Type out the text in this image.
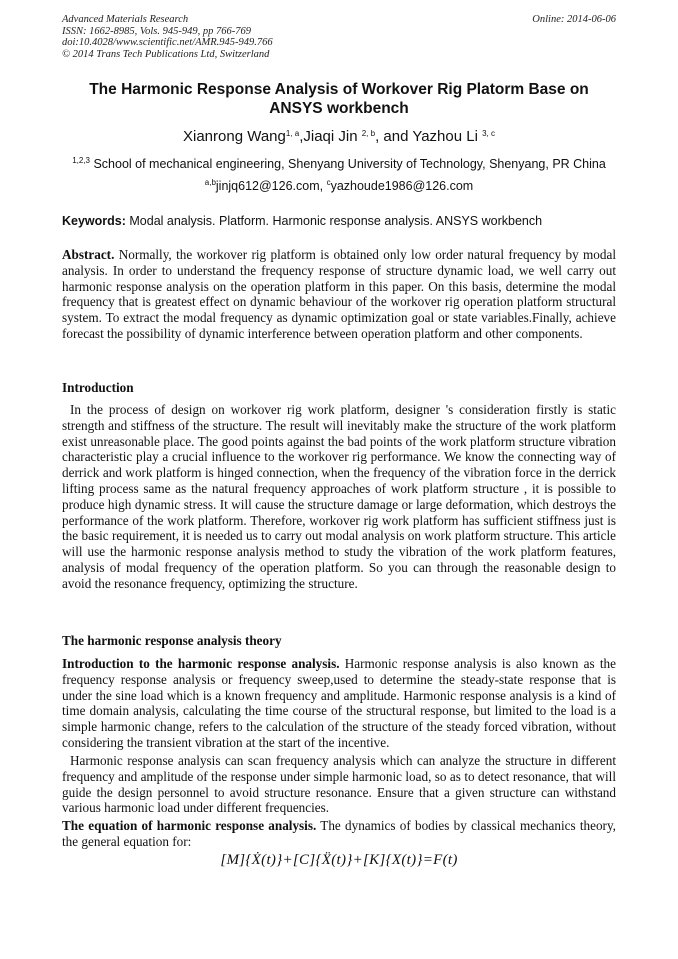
Advanced Materials Research
ISSN: 1662-8985, Vols. 945-949, pp 766-769
doi:10.4028/www.scientific.net/AMR.945-949.766
© 2014 Trans Tech Publications Ltd, Switzerland
Online: 2014-06-06
The Harmonic Response Analysis of Workover Rig Platorm Base on ANSYS workbench
Xianrong Wang$^{1, a}$,Jiaqi Jin $^{2, b}$, and Yazhou Li $^{3, c}$
$^{1,2,3}$ School of mechanical engineering, Shenyang University of Technology, Shenyang, PR China
$^{a,b}$jinjq612@126.com, $^c$yazhoude1986@126.com
Keywords: Modal analysis. Platform. Harmonic response analysis. ANSYS workbench

Abstract. Normally, the workover rig platform is obtained only low order natural frequency by modal analysis. In order to understand the frequency response of structure dynamic load, we well carry out harmonic response analysis on the operation platform in this paper. On this basis, determine the modal frequency that is greatest effect on dynamic behaviour of the workover rig operation platform structural system. To extract the modal frequency as dynamic optimization goal or state variables.Finally, achieve forecast the possibility of dynamic interference between operation platform and other components.

Introduction

In the process of design on workover rig work platform, designer 's consideration firstly is static strength and stiffness of the structure. The result will inevitably make the structure of the work platform exist unreasonable place. The good points against the bad points of the work platform structure vibration characteristic play a crucial influence to the workover rig performance. We know the connecting way of derrick and work platform is hinged connection, when the frequency of the vibration force in the derrick lifting process same as the natural frequency approaches of work platform structure , it is possible to produce high dynamic stress. It will cause the structure damage or large deformation, which destroys the performance of the work platform. Therefore, workover rig work platform has sufficient stiffness just is the basic requirement, it is needed us to carry out modal analysis on work platform structure. This article will use the harmonic response analysis method to study the vibration of the work platform features, analysis of modal frequency of the operation platform. So you can through the reasonable design to avoid the resonance frequency, optimizing the structure.

The harmonic response analysis theory

Introduction to the harmonic response analysis. Harmonic response analysis is also known as the frequency response analysis or frequency sweep,used to determine the steady-state response that is under the sine load which is a known frequency and amplitude. Harmonic response analysis is a kind of time domain analysis, calculating the time course of the structural response, but limited to the load is a simple harmonic change, refers to the calculation of the structure of the steady forced vibration, without considering the transient vibration at the start of the incentive.

Harmonic response analysis can scan frequency analysis which can analyze the structure in different frequency and amplitude of the response under simple harmonic load, so as to detect resonance, that will guide the design personnel to avoid structure resonance. Ensure that a given structure can withstand various harmonic load under different frequencies.

The equation of harmonic response analysis. The dynamics of bodies by classical mechanics theory, the general equation for:

[M]{Ẋ(t)}+[C]{Ẍ(t)}+[K]{X(t)}=F(t)
